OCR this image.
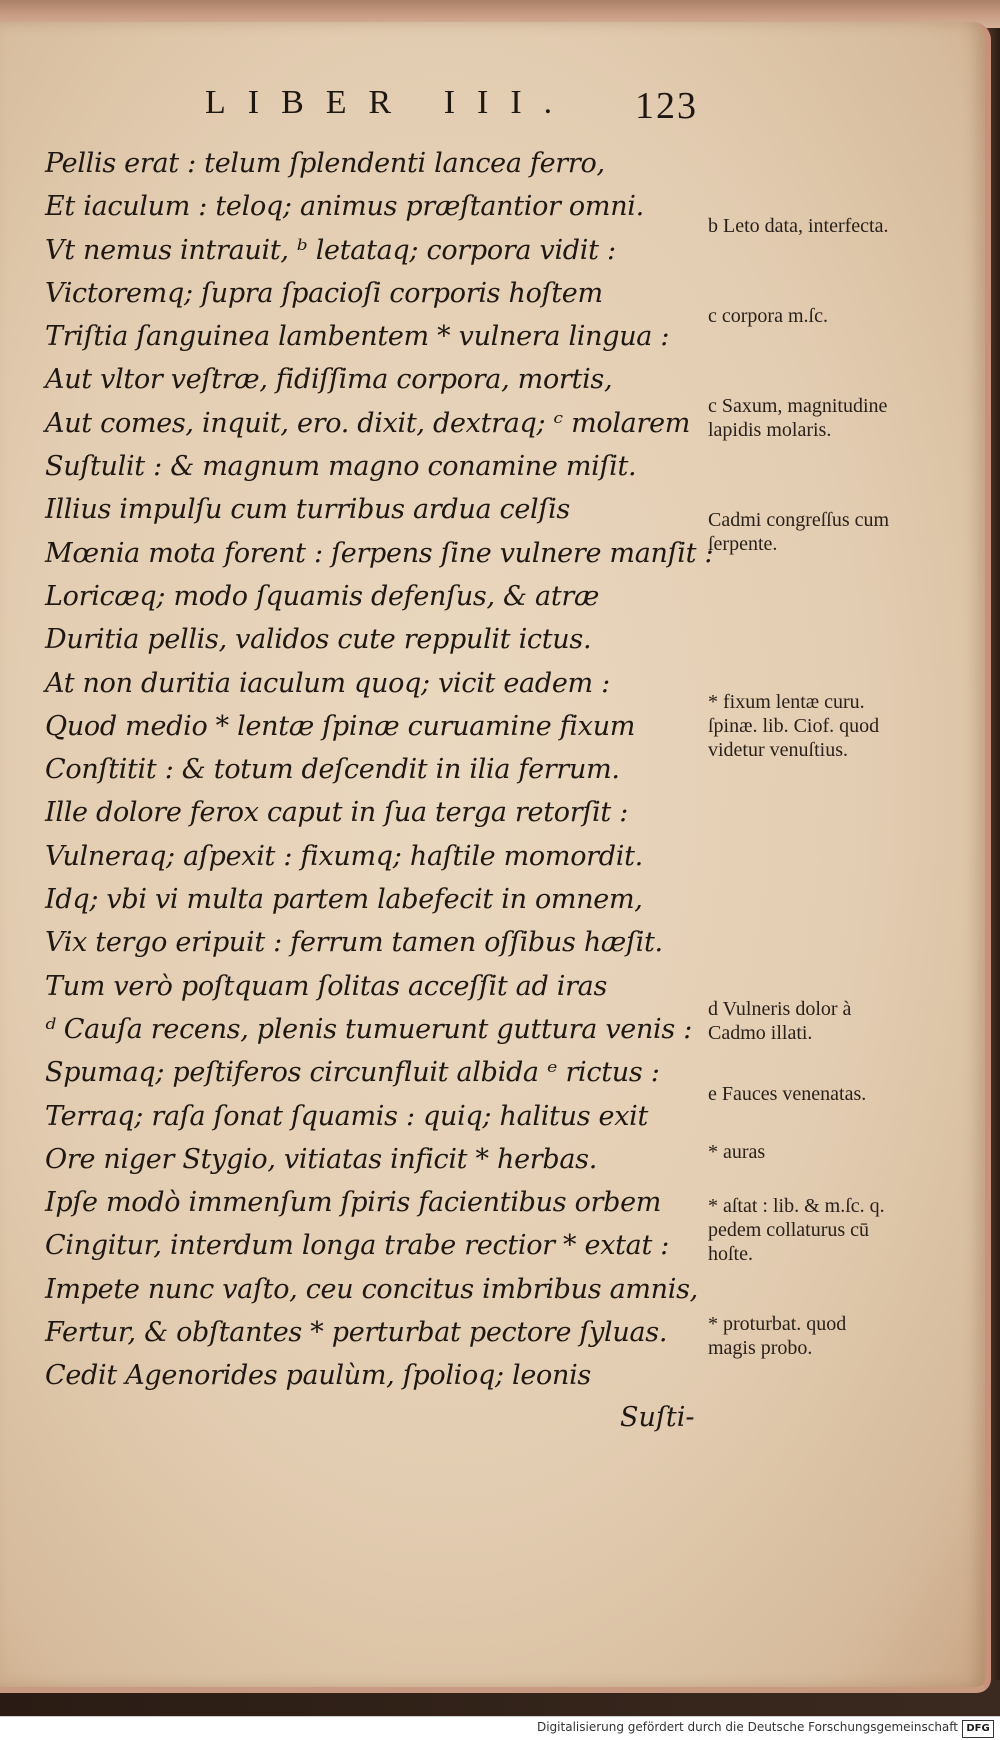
LIBER III. 123
Pellis erat : telum ſplendenti lancea ferro,
Et iaculum : teloq; animus præſtantior omni.
Vt nemus intrauit, ᵇ letataq; corpora vidit :
Victoremq; ſupra ſpacioſi corporis hoſtem
Triſtia ſanguinea lambentem * vulnera lingua :
Aut vltor veſtræ, fidiſſima corpora, mortis,
Aut comes, inquit, ero. dixit, dextraq; ᶜ molarem
Suſtulit : & magnum magno conamine miſit.
Illius impulſu cum turribus ardua celſis
Mœnia mota forent : ſerpens ſine vulnere manſit :
Loricæq; modo ſquamis defenſus, & atræ
Duritia pellis, validos cute reppulit ictus.
At non duritia iaculum quoq; vicit eadem :
Quod medio * lentæ ſpinæ curuamine fixum
Conſtitit : & totum deſcendit in ilia ferrum.
Ille dolore ferox caput in ſua terga retorſit :
Vulneraq; aſpexit : fixumq; haſtile momordit.
Idq; vbi vi multa partem labefecit in omnem,
Vix tergo eripuit : ferrum tamen oſſibus hæſit.
Tum verò poſtquam ſolitas acceſſit ad iras
ᵈ Cauſa recens, plenis tumuerunt guttura venis :
Spumaq; peſtiferos circunfluit albida ᵉ rictus :
Terraq; raſa ſonat ſquamis : quiq; halitus exit
Ore niger Stygio, vitiatas inficit * herbas.
Ipſe modò immenſum ſpiris facientibus orbem
Cingitur, interdum longa trabe rectior * extat :
Impete nunc vaſto, ceu concitus imbribus amnis,
Fertur, & obſtantes * perturbat pectore ſyluas.
Cedit Agenorides paulùm, ſpolioq; leonis
Suſti-
b Leto data, interfecta.
c corpora m.ſc.
c Saxum, magnitudine lapidis molaris.
Cadmi congreſſus cum ſerpente.
* fixum lentæ curu. ſpinæ. lib. Ciof. quod videtur venuſtius.
d Vulneris dolor à Cadmo illati.
e Fauces venenatas.
* auras
* aſtat : lib. & m.ſc. q. pedem collaturus cū hoſte.
* proturbat. quod magis probo.
Digitalisierung gefördert durch die Deutsche Forschungsgemeinschaft DFG
